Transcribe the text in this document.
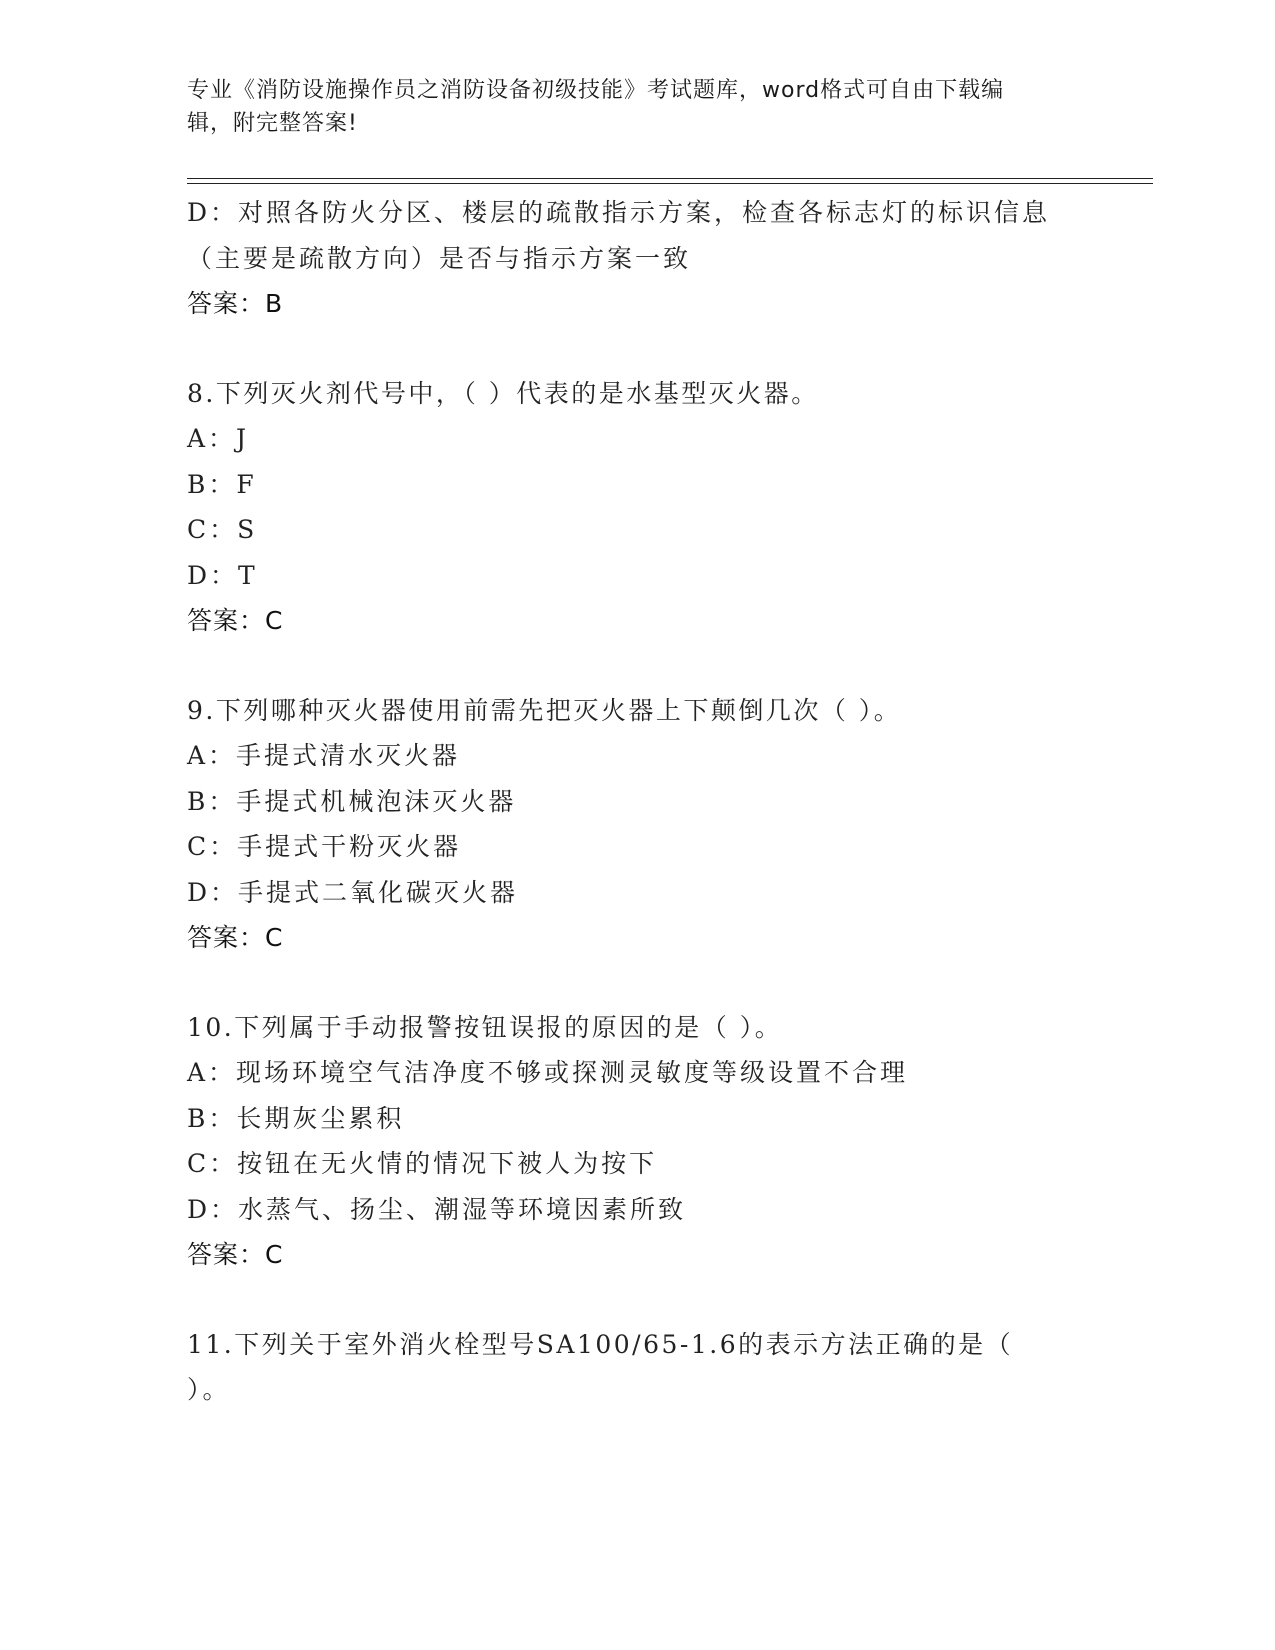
专业《消防设施操作员之消防设备初级技能》考试题库，word格式可自由下载编
辑，附完整答案!
D：对照各防火分区、楼层的疏散指示方案，检查各标志灯的标识信息
（主要是疏散方向）是否与指示方案一致
答案：B
8.下列灭火剂代号中，（ ）代表的是水基型灭火器。
A：J
B：F
C：S
D：T
答案：C
9.下列哪种灭火器使用前需先把灭火器上下颠倒几次（ ）。
A：手提式清水灭火器
B：手提式机械泡沫灭火器
C：手提式干粉灭火器
D：手提式二氧化碳灭火器
答案：C
10.下列属于手动报警按钮误报的原因的是（ ）。
A：现场环境空气洁净度不够或探测灵敏度等级设置不合理
B：长期灰尘累积
C：按钮在无火情的情况下被人为按下
D：水蒸气、扬尘、潮湿等环境因素所致
答案：C
11.下列关于室外消火栓型号SA100/65-1.6的表示方法正确的是（
）。
